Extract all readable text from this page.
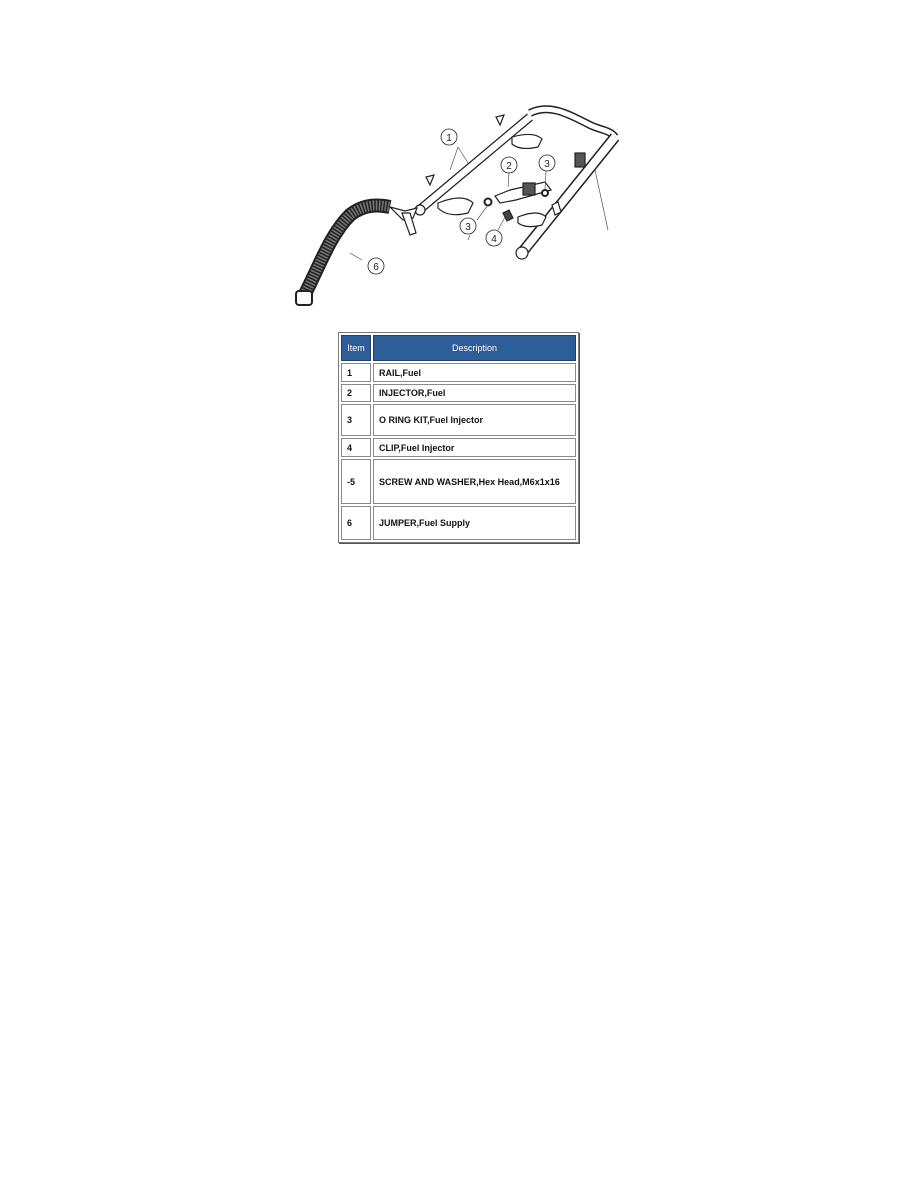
1
2	3
3
4
6
Item	Description
1	RAIL,Fuel
2	INJECTOR,Fuel
3	O RING KIT,Fuel Injector
4	CLIP,Fuel Injector
-5	SCREW AND WASHER,Hex Head,M6x1x16
6	JUMPER,Fuel Supply
